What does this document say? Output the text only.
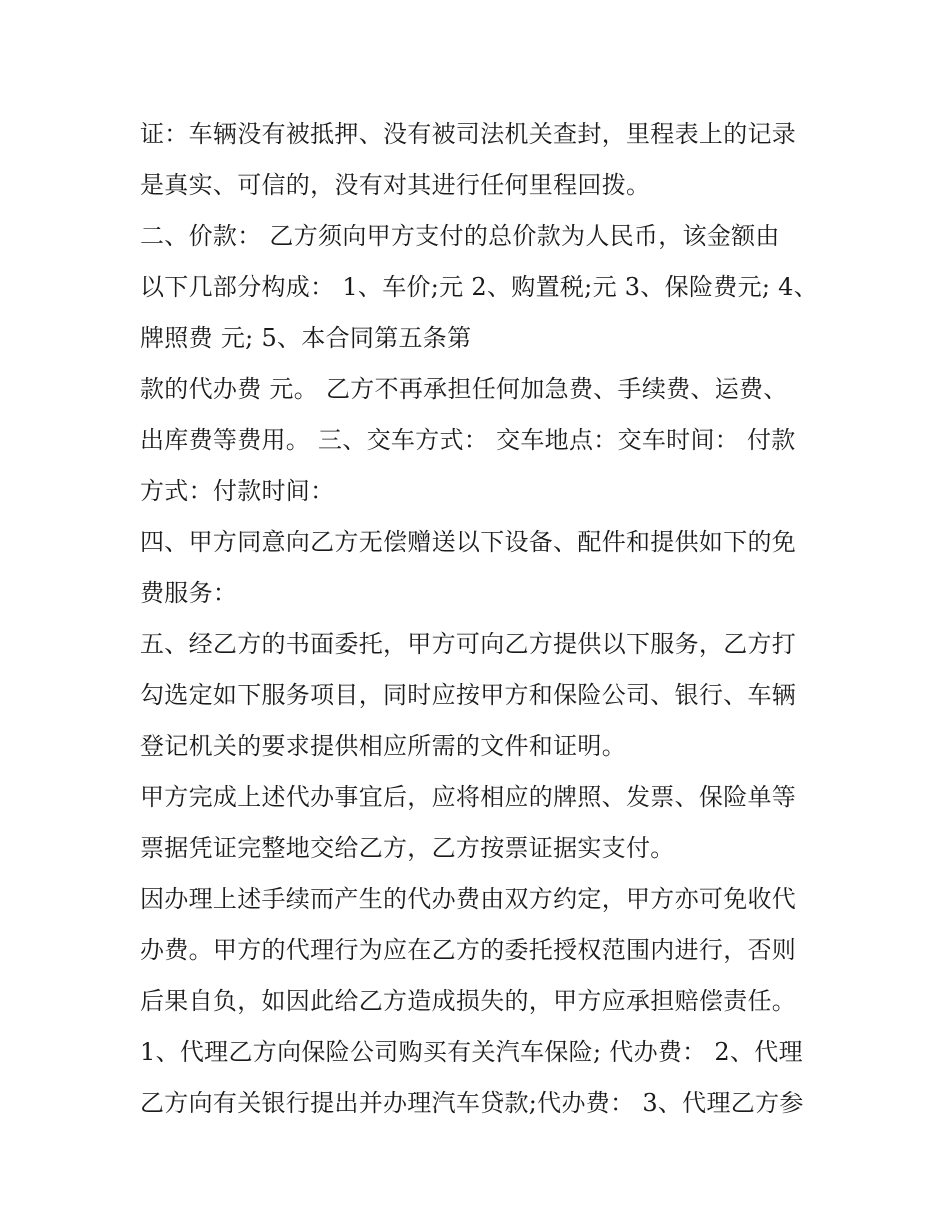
证：车辆没有被抵押、没有被司法机关查封，里程表上的记录
是真实、可信的，没有对其进行任何里程回拨。
二、价款： 乙方须向甲方支付的总价款为人民币，该金额由
以下几部分构成： 1、车价;元 2、购置税;元 3、保险费元; 4、
牌照费 元; 5、本合同第五条第
款的代办费 元。 乙方不再承担任何加急费、手续费、运费、
出库费等费用。 三、交车方式： 交车地点：交车时间： 付款
方式：付款时间：
四、甲方同意向乙方无偿赠送以下设备、配件和提供如下的免
费服务：
五、经乙方的书面委托，甲方可向乙方提供以下服务，乙方打
勾选定如下服务项目，同时应按甲方和保险公司、银行、车辆
登记机关的要求提供相应所需的文件和证明。
甲方完成上述代办事宜后，应将相应的牌照、发票、保险单等
票据凭证完整地交给乙方，乙方按票证据实支付。
因办理上述手续而产生的代办费由双方约定，甲方亦可免收代
办费。甲方的代理行为应在乙方的委托授权范围内进行，否则
后果自负，如因此给乙方造成损失的，甲方应承担赔偿责任。
1、代理乙方向保险公司购买有关汽车保险; 代办费： 2、代理
乙方向有关银行提出并办理汽车贷款;代办费： 3、代理乙方参
